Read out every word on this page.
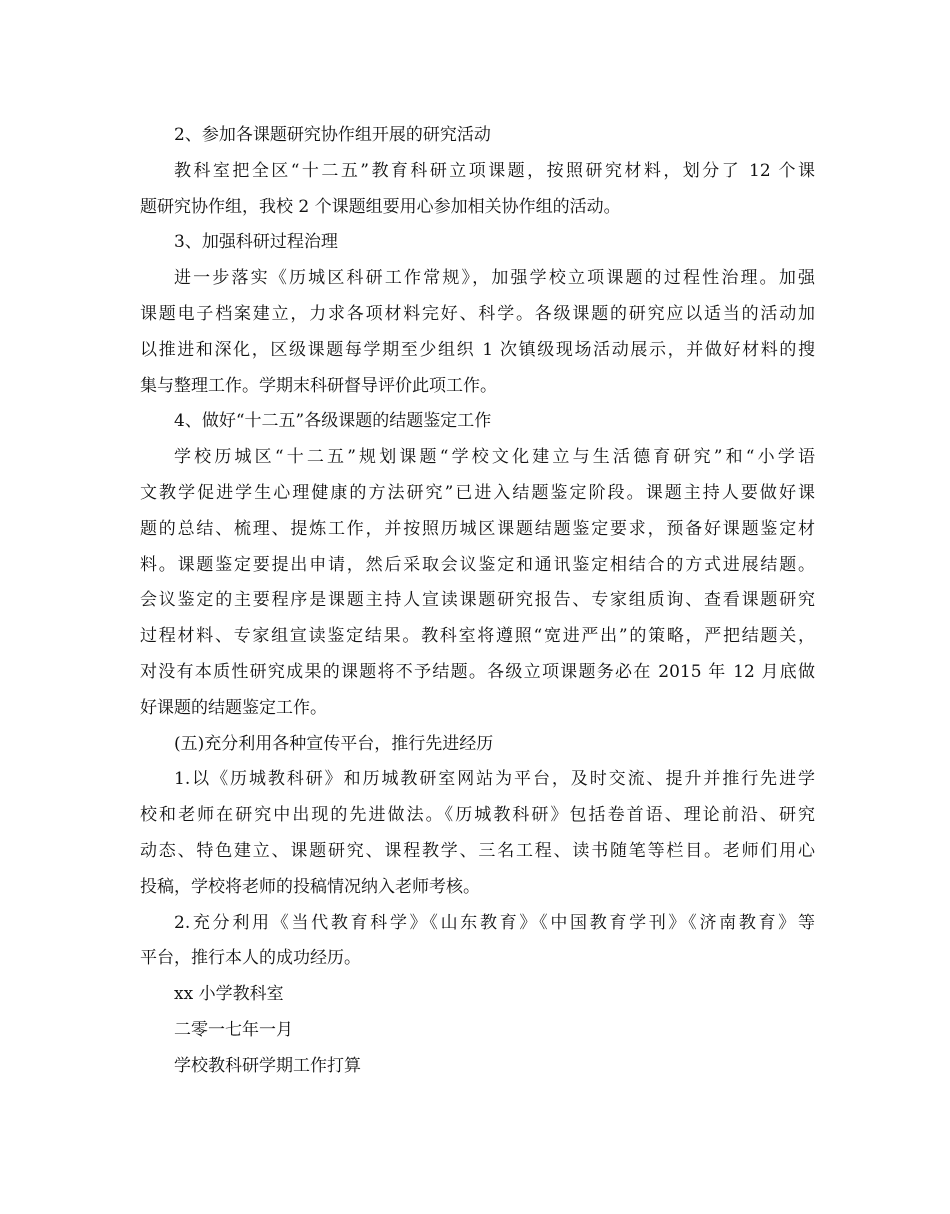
2、参加各课题研究协作组开展的研究活动
教科室把全区“十二五”教育科研立项课题，按照研究材料，划分了 12 个课
题研究协作组，我校 2 个课题组要用心参加相关协作组的活动。
3、加强科研过程治理
进一步落实《历城区科研工作常规》，加强学校立项课题的过程性治理。加强
课题电子档案建立，力求各项材料完好、科学。各级课题的研究应以适当的活动加
以推进和深化，区级课题每学期至少组织 1 次镇级现场活动展示，并做好材料的搜
集与整理工作。学期末科研督导评价此项工作。
4、做好“十二五”各级课题的结题鉴定工作
学校历城区“十二五”规划课题“学校文化建立与生活德育研究”和“小学语
文教学促进学生心理健康的方法研究”已进入结题鉴定阶段。课题主持人要做好课
题的总结、梳理、提炼工作，并按照历城区课题结题鉴定要求，预备好课题鉴定材
料。课题鉴定要提出申请，然后采取会议鉴定和通讯鉴定相结合的方式进展结题。
会议鉴定的主要程序是课题主持人宣读课题研究报告、专家组质询、查看课题研究
过程材料、专家组宣读鉴定结果。教科室将遵照“宽进严出”的策略，严把结题关，
对没有本质性研究成果的课题将不予结题。各级立项课题务必在 2015 年 12 月底做
好课题的结题鉴定工作。
(五)充分利用各种宣传平台，推行先进经历
1.以《历城教科研》和历城教研室网站为平台，及时交流、提升并推行先进学
校和老师在研究中出现的先进做法。《历城教科研》包括卷首语、理论前沿、研究
动态、特色建立、课题研究、课程教学、三名工程、读书随笔等栏目。老师们用心
投稿，学校将老师的投稿情况纳入老师考核。
2.充分利用《当代教育科学》《山东教育》《中国教育学刊》《济南教育》等
平台，推行本人的成功经历。
xx 小学教科室
二零一七年一月
学校教科研学期工作打算
